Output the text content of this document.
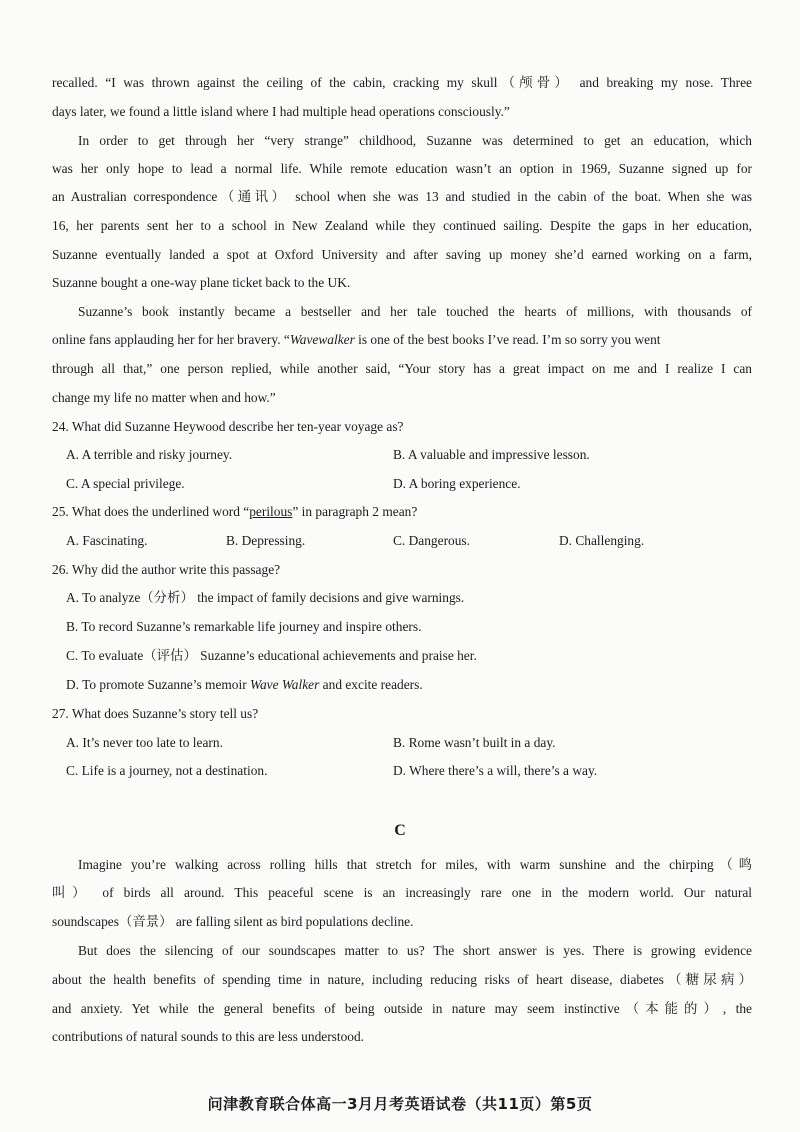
recalled. “I was thrown against the ceiling of the cabin, cracking my skull（颅骨） and breaking my nose. Three
days later, we found a little island where I had multiple head operations consciously.”
In order to get through her “very strange” childhood, Suzanne was determined to get an education, which
was her only hope to lead a normal life. While remote education wasn’t an option in 1969, Suzanne signed up for
an Australian correspondence（通讯） school when she was 13 and studied in the cabin of the boat. When she was
16, her parents sent her to a school in New Zealand while they continued sailing. Despite the gaps in her education,
Suzanne eventually landed a spot at Oxford University and after saving up money she’d earned working on a farm,
Suzanne bought a one-way plane ticket back to the UK.
Suzanne’s book instantly became a bestseller and her tale touched the hearts of millions, with thousands of
online fans applauding her for her bravery. “Wavewalker is one of the best books I’ve read. I’m so sorry you went
through all that,” one person replied, while another said, “Your story has a great impact on me and I realize I can
change my life no matter when and how.”
24. What did Suzanne Heywood describe her ten-year voyage as?
A. A terrible and risky journey.	B. A valuable and impressive lesson.
C. A special privilege.	D. A boring experience.
25. What does the underlined word “perilous” in paragraph 2 mean?
A. Fascinating.	B. Depressing.	C. Dangerous.	D. Challenging.
26. Why did the author write this passage?
A. To analyze（分析） the impact of family decisions and give warnings.
B. To record Suzanne’s remarkable life journey and inspire others.
C. To evaluate（评估） Suzanne’s educational achievements and praise her.
D. To promote Suzanne’s memoir Wave Walker and excite readers.
27. What does Suzanne’s story tell us?
A. It’s never too late to learn.	B. Rome wasn’t built in a day.
C. Life is a journey, not a destination.	D. Where there’s a will, there’s a way.
C
Imagine you’re walking across rolling hills that stretch for miles, with warm sunshine and the chirping（鸣
叫） of birds all around. This peaceful scene is an increasingly rare one in the modern world. Our natural
soundscapes（音景） are falling silent as bird populations decline.
But does the silencing of our soundscapes matter to us? The short answer is yes. There is growing evidence
about the health benefits of spending time in nature, including reducing risks of heart disease, diabetes（糖尿病）
and anxiety. Yet while the general benefits of being outside in nature may seem instinctive（本能的）, the
contributions of natural sounds to this are less understood.
问津教育联合体高一3月月考英语试卷（共11页）第5页
